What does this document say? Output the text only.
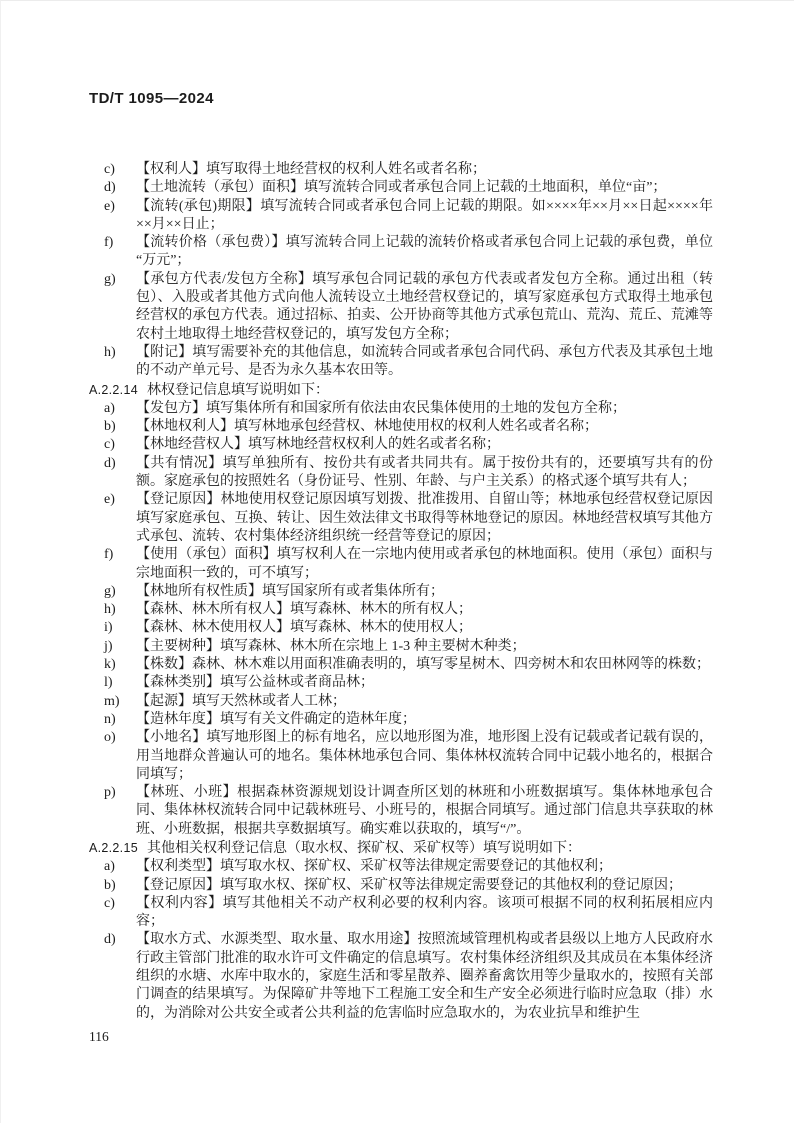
TD/T 1095—2024
c)	【权利人】填写取得土地经营权的权利人姓名或者名称；
d)	【土地流转（承包）面积】填写流转合同或者承包合同上记载的土地面积，单位“亩”；
e)	【流转(承包)期限】填写流转合同或者承包合同上记载的期限。如××××年××月××日起××××年××月××日止；
f)	【流转价格（承包费）】填写流转合同上记载的流转价格或者承包合同上记载的承包费，单位“万元”；
g)	【承包方代表/发包方全称】填写承包合同记载的承包方代表或者发包方全称。通过出租（转包）、入股或者其他方式向他人流转设立土地经营权登记的，填写家庭承包方式取得土地承包经营权的承包方代表。通过招标、拍卖、公开协商等其他方式承包荒山、荒沟、荒丘、荒滩等农村土地取得土地经营权登记的，填写发包方全称；
h)	【附记】填写需要补充的其他信息，如流转合同或者承包合同代码、承包方代表及其承包土地的不动产单元号、是否为永久基本农田等。
A.2.2.14 林权登记信息填写说明如下：
a)	【发包方】填写集体所有和国家所有依法由农民集体使用的土地的发包方全称；
b)	【林地权利人】填写林地承包经营权、林地使用权的权利人姓名或者名称；
c)	【林地经营权人】填写林地经营权权利人的姓名或者名称；
d)	【共有情况】填写单独所有、按份共有或者共同共有。属于按份共有的，还要填写共有的份额。家庭承包的按照姓名（身份证号、性别、年龄、与户主关系）的格式逐个填写共有人；
e)	【登记原因】林地使用权登记原因填写划拨、批准拨用、自留山等；林地承包经营权登记原因填写家庭承包、互换、转让、因生效法律文书取得等林地登记的原因。林地经营权填写其他方式承包、流转、农村集体经济组织统一经营等登记的原因；
f)	【使用（承包）面积】填写权利人在一宗地内使用或者承包的林地面积。使用（承包）面积与宗地面积一致的，可不填写；
g)	【林地所有权性质】填写国家所有或者集体所有；
h)	【森林、林木所有权人】填写森林、林木的所有权人；
i)	【森林、林木使用权人】填写森林、林木的使用权人；
j)	【主要树种】填写森林、林木所在宗地上 1-3 种主要树木种类；
k)	【株数】森林、林木难以用面积准确表明的，填写零星树木、四旁树木和农田林网等的株数；
l)	【森林类别】填写公益林或者商品林；
m)	【起源】填写天然林或者人工林；
n)	【造林年度】填写有关文件确定的造林年度；
o)	【小地名】填写地形图上的标有地名，应以地形图为准，地形图上没有记载或者记载有误的，用当地群众普遍认可的地名。集体林地承包合同、集体林权流转合同中记载小地名的，根据合同填写；
p)	【林班、小班】根据森林资源规划设计调查所区划的林班和小班数据填写。集体林地承包合同、集体林权流转合同中记载林班号、小班号的，根据合同填写。通过部门信息共享获取的林班、小班数据，根据共享数据填写。确实难以获取的，填写“/”。
A.2.2.15 其他相关权利登记信息（取水权、探矿权、采矿权等）填写说明如下：
a)	【权利类型】填写取水权、探矿权、采矿权等法律规定需要登记的其他权利；
b)	【登记原因】填写取水权、探矿权、采矿权等法律规定需要登记的其他权利的登记原因；
c)	【权利内容】填写其他相关不动产权利必要的权利内容。该项可根据不同的权利拓展相应内容；
d)	【取水方式、水源类型、取水量、取水用途】按照流域管理机构或者县级以上地方人民政府水行政主管部门批准的取水许可文件确定的信息填写。农村集体经济组织及其成员在本集体经济组织的水塘、水库中取水的，家庭生活和零星散养、圈养畜禽饮用等少量取水的，按照有关部门调查的结果填写。为保障矿井等地下工程施工安全和生产安全必须进行临时应急取（排）水的，为消除对公共安全或者公共利益的危害临时应急取水的，为农业抗旱和维护生
116
